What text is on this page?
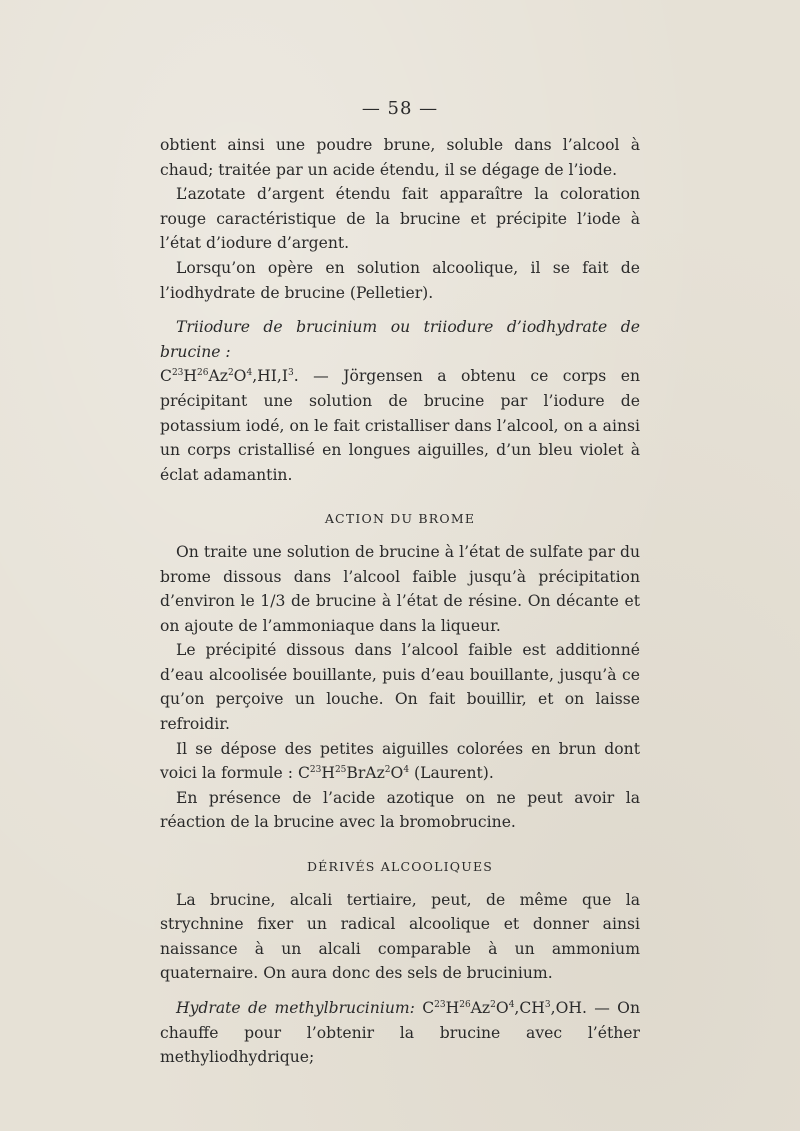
— 58 —

obtient ainsi une poudre brune, soluble dans l’alcool à chaud; traitée par un acide étendu, il se dégage de l’iode.

L’azotate d’argent étendu fait apparaître la coloration rouge caractéristique de la brucine et précipite l’iode à l’état d’iodure d’argent.

Lorsqu’on opère en solution alcoolique, il se fait de l’iodhydrate de brucine (Pelletier).

Triiodure de brucinium ou triiodure d’iodhydrate de brucine :
$C^{23}H^{26}Az^2O^4,HI,I^3$. — Jörgensen a obtenu ce corps en précipitant une solution de brucine par l’iodure de potassium iodé, on le fait cristalliser dans l’alcool, on a ainsi un corps cristallisé en longues aiguilles, d’un bleu violet à éclat adamantin.

ACTION DU BROME

On traite une solution de brucine à l’état de sulfate par du brome dissous dans l’alcool faible jusqu’à précipitation d’environ le 1/3 de brucine à l’état de résine. On décante et on ajoute de l’ammoniaque dans la liqueur.

Le précipité dissous dans l’alcool faible est additionné d’eau alcoolisée bouillante, puis d’eau bouillante, jusqu’à ce qu’on perçoive un louche. On fait bouillir, et on laisse refroidir.

Il se dépose des petites aiguilles colorées en brun dont voici la formule : $C^{23}H^{25}BrAz^2O^4$ (Laurent).

En présence de l’acide azotique on ne peut avoir la réaction de la brucine avec la bromobrucine.

DÉRIVÉS ALCOOLIQUES

La brucine, alcali tertiaire, peut, de même que la strychnine fixer un radical alcoolique et donner ainsi naissance à un alcali comparable à un ammonium quaternaire. On aura donc des sels de brucinium.

Hydrate de methylbrucinium: $C^{23}H^{26}Az^2O^4,CH^3,OH$. — On chauffe pour l’obtenir la brucine avec l’éther methyliodhydrique;
